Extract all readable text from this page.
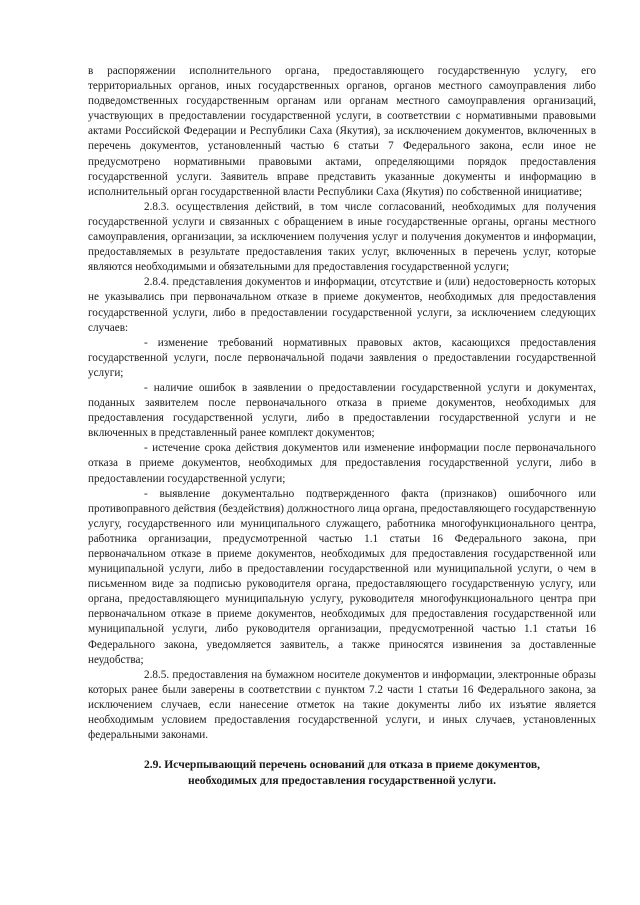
в распоряжении исполнительного органа, предоставляющего государственную услугу, его территориальных органов, иных государственных органов, органов местного самоуправления либо подведомственных государственным органам или органам местного самоуправления организаций, участвующих в предоставлении государственной услуги, в соответствии с нормативными правовыми актами Российской Федерации и Республики Саха (Якутия), за исключением документов, включенных в перечень документов, установленный частью 6 статьи 7 Федерального закона, если иное не предусмотрено нормативными правовыми актами, определяющими порядок предоставления государственной услуги. Заявитель вправе представить указанные документы и информацию в исполнительный орган государственной власти Республики Саха (Якутия) по собственной инициативе;

2.8.3. осуществления действий, в том числе согласований, необходимых для получения государственной услуги и связанных с обращением в иные государственные органы, органы местного самоуправления, организации, за исключением получения услуг и получения документов и информации, предоставляемых в результате предоставления таких услуг, включенных в перечень услуг, которые являются необходимыми и обязательными для предоставления государственной услуги;

2.8.4. представления документов и информации, отсутствие и (или) недостоверность которых не указывались при первоначальном отказе в приеме документов, необходимых для предоставления государственной услуги, либо в предоставлении государственной услуги, за исключением следующих случаев:

- изменение требований нормативных правовых актов, касающихся предоставления государственной услуги, после первоначальной подачи заявления о предоставлении государственной услуги;

- наличие ошибок в заявлении о предоставлении государственной услуги и документах, поданных заявителем после первоначального отказа в приеме документов, необходимых для предоставления государственной услуги, либо в предоставлении государственной услуги и не включенных в представленный ранее комплект документов;

- истечение срока действия документов или изменение информации после первоначального отказа в приеме документов, необходимых для предоставления государственной услуги, либо в предоставлении государственной услуги;

- выявление документально подтвержденного факта (признаков) ошибочного или противоправного действия (бездействия) должностного лица органа, предоставляющего государственную услугу, государственного или муниципального служащего, работника многофункционального центра, работника организации, предусмотренной частью 1.1 статьи 16 Федерального закона, при первоначальном отказе в приеме документов, необходимых для предоставления государственной или муниципальной услуги, либо в предоставлении государственной или муниципальной услуги, о чем в письменном виде за подписью руководителя органа, предоставляющего государственную услугу, или органа, предоставляющего муниципальную услугу, руководителя многофункционального центра при первоначальном отказе в приеме документов, необходимых для предоставления государственной или муниципальной услуги, либо руководителя организации, предусмотренной частью 1.1 статьи 16 Федерального закона, уведомляется заявитель, а также приносятся извинения за доставленные неудобства;

2.8.5. предоставления на бумажном носителе документов и информации, электронные образы которых ранее были заверены в соответствии с пунктом 7.2 части 1 статьи 16 Федерального закона, за исключением случаев, если нанесение отметок на такие документы либо их изъятие является необходимым условием предоставления государственной услуги, и иных случаев, установленных федеральными законами.

2.9. Исчерпывающий перечень оснований для отказа в приеме документов,
необходимых для предоставления государственной услуги.
